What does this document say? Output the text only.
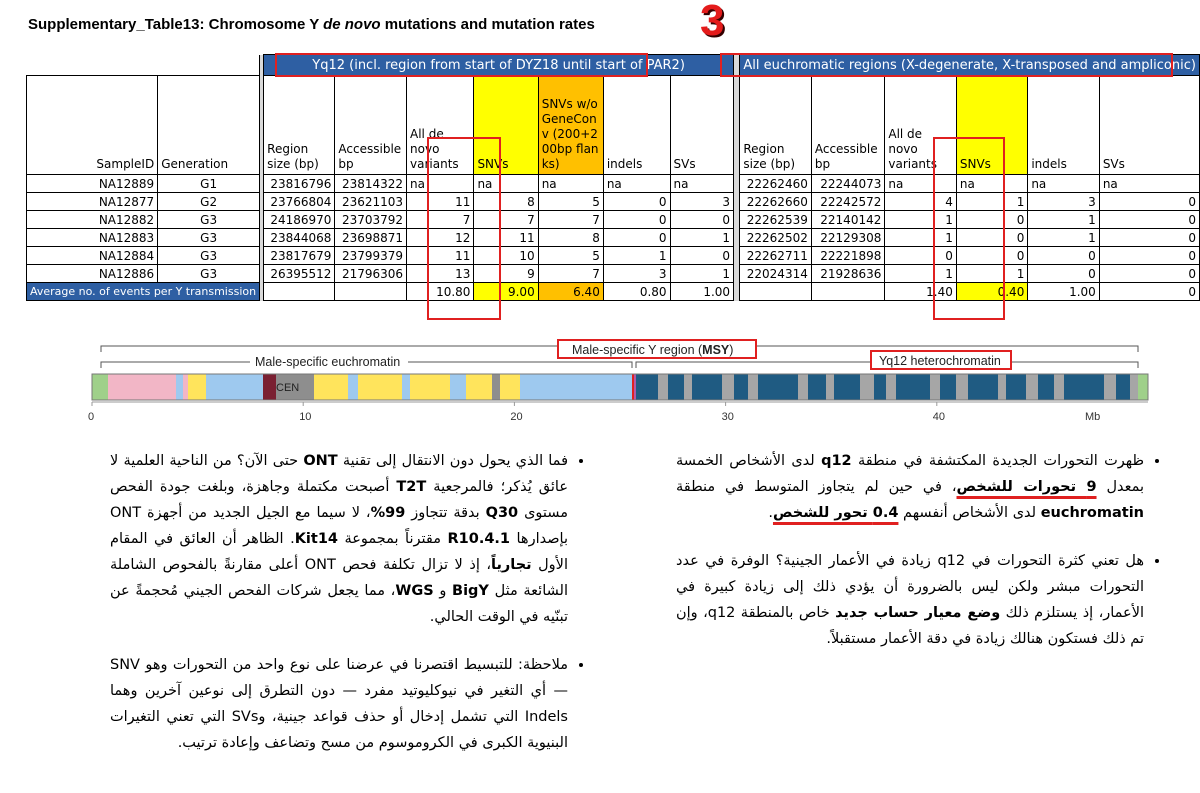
Supplementary_Table13: Chromosome Y de novo mutations and mutation rates 3
			Yq12 (incl. region from start of DYZ18 until start of PAR2)								All euchromatic regions (X-degenerate, X-transposed and ampliconic)					
SampleID	Generation		Region size (bp)	Accessible bp	All de novo variants	SNVs	SNVs w/o GeneConv (200+200bp flanks)	indels	SVs		Region size (bp)	Accessible bp	All de novo variants	SNVs	indels	SVs
NA12889	G1		23816796	23814322	na	na	na	na	na		22262460	22244073	na	na	na	na
NA12877	G2		23766804	23621103	11	8	5	0	3		22262660	22242572	4	1	3	0
NA12882	G3		24186970	23703792	7	7	7	0	0		22262539	22140142	1	0	1	0
NA12883	G3		23844068	23698871	12	11	8	0	1		22262502	22129308	1	0	1	0
NA12884	G3		23817679	23799379	11	10	5	1	0		22262711	22221898	0	0	0	0
NA12886	G3		26395512	21796306	13	9	7	3	1		22024314	21928636	1	1	0	0
Average no. of events per Y transmission					10.80	9.00	6.40	0.80	1.00				1.40	0.40	1.00	0
Male-specific Y region (MSY)
Male-specific euchromatin	Yq12 heterochromatin
CEN
0	10	20	30	40	Mb
• ظهرت التحورات الجديدة المكتشفة في منطقة q12 لدى الأشخاص الخمسة بمعدل 9 تحورات للشخص، في حين لم يتجاوز المتوسط في منطقة euchromatin لدى الأشخاص أنفسهم 0.4 تحور للشخص.
• هل تعني كثرة التحورات في q12 زيادة في الأعمار الجينية؟ الوفرة في عدد التحورات مبشر ولكن ليس بالضرورة أن يؤدي ذلك إلى زيادة كبيرة في الأعمار، إذ يستلزم ذلك وضع معيار حساب جديد خاص بالمنطقة q12، وإن تم ذلك فستكون هنالك زيادة في دقة الأعمار مستقبلاً.
• فما الذي يحول دون الانتقال إلى تقنية ONT حتى الآن؟ من الناحية العلمية لا عائق يُذكر؛ فالمرجعية T2T أصبحت مكتملة وجاهزة، وبلغت جودة الفحص مستوى Q30 بدقة تتجاوز 99%، لا سيما مع الجيل الجديد من أجهزة ONT بإصدارها R10.4.1 مقترناً بمجموعة Kit14. الظاهر أن العائق في المقام الأول تجارياً، إذ لا تزال تكلفة فحص ONT أعلى مقارنةً بالفحوص الشاملة الشائعة مثل BigY و WGS، مما يجعل شركات الفحص الجيني مُحجمةً عن تبنّيه في الوقت الحالي.
• ملاحظة: للتبسيط اقتصرنا في عرضنا على نوع واحد من التحورات وهو SNV — أي التغير في نيوكليوتيد مفرد — دون التطرق إلى نوعين آخرين وهما Indels التي تشمل إدخال أو حذف قواعد جينية، وSVs التي تعني التغيرات البنيوية الكبرى في الكروموسوم من مسح وتضاعف وإعادة ترتيب.
